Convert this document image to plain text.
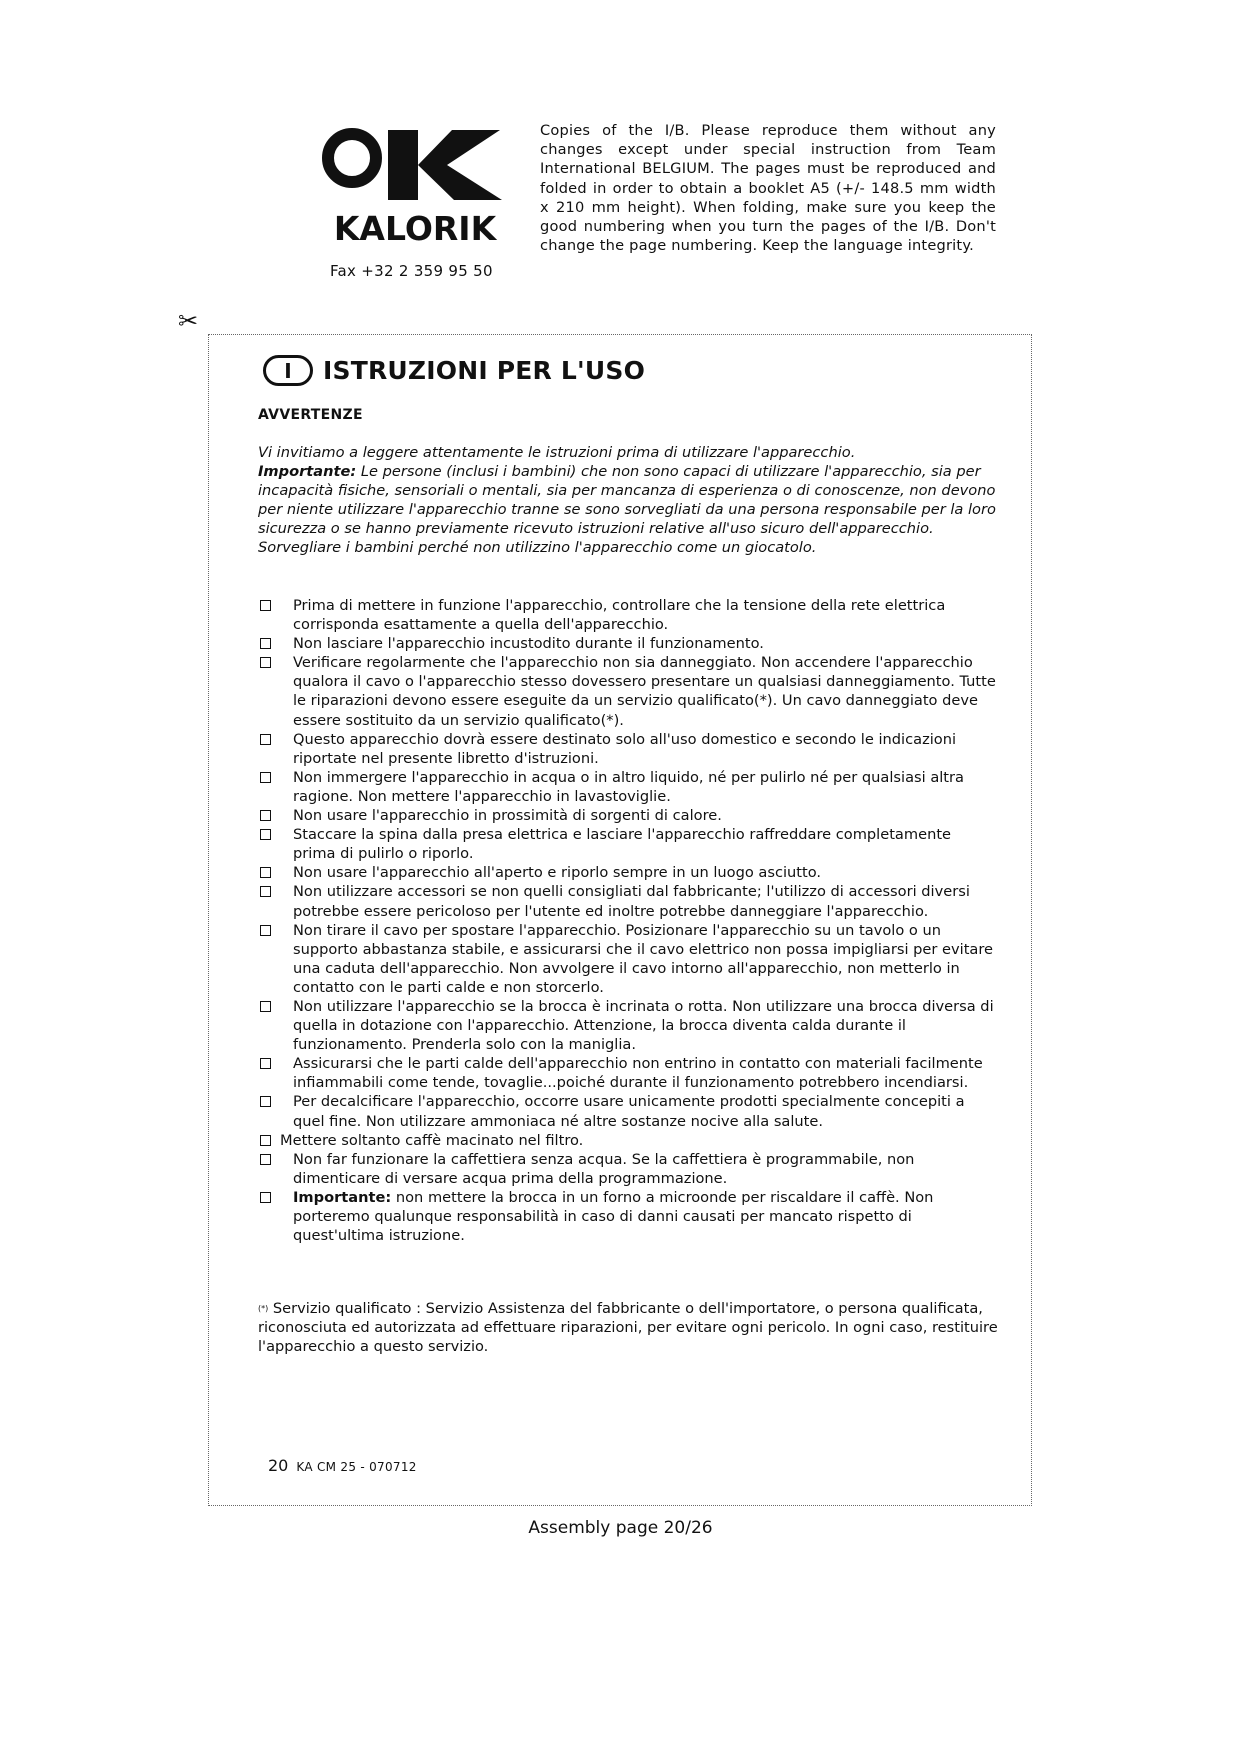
KALORIK
Fax +32 2 359 95 50
Copies of the I/B. Please reproduce them without any changes except under special instruction from Team International BELGIUM. The pages must be reproduced and folded in order to obtain a booklet A5 (+/- 148.5 mm width x 210 mm height). When folding, make sure you keep the good numbering when you turn the pages of the I/B. Don't change the page numbering. Keep the language integrity.
✂
I	ISTRUZIONI PER L'USO
AVVERTENZE

Vi invitiamo a leggere attentamente le istruzioni prima di utilizzare l'apparecchio.

Importante: Le persone (inclusi i bambini) che non sono capaci di utilizzare l'apparecchio, sia per incapacità fisiche, sensoriali o mentali, sia per mancanza di esperienza o di conoscenze, non devono per niente utilizzare l'apparecchio tranne se sono sorvegliati da una persona responsabile per la loro sicurezza o se hanno previamente ricevuto istruzioni relative all'uso sicuro dell'apparecchio.

Sorvegliare i bambini perché non utilizzino l'apparecchio come un giocatolo.

Prima di mettere in funzione l'apparecchio, controllare che la tensione della rete elettrica corrisponda esattamente a quella dell'apparecchio.
Non lasciare l'apparecchio incustodito durante il funzionamento.
Verificare regolarmente che l'apparecchio non sia danneggiato. Non accendere l'apparecchio qualora il cavo o l'apparecchio stesso dovessero presentare un qualsiasi danneggiamento. Tutte le riparazioni devono essere eseguite da un servizio qualificato(*). Un cavo danneggiato deve essere sostituito da un servizio qualificato(*).
Questo apparecchio dovrà essere destinato solo all'uso domestico e secondo le indicazioni riportate nel presente libretto d'istruzioni.
Non immergere l'apparecchio in acqua o in altro liquido, né per pulirlo né per qualsiasi altra ragione. Non mettere l'apparecchio in lavastoviglie.
Non usare l'apparecchio in prossimità di sorgenti di calore.
Staccare la spina dalla presa elettrica e lasciare l'apparecchio raffreddare completamente prima di pulirlo o riporlo.
Non usare l'apparecchio all'aperto e riporlo sempre in un luogo asciutto.
Non utilizzare accessori se non quelli consigliati dal fabbricante; l'utilizzo di accessori diversi potrebbe essere pericoloso per l'utente ed inoltre potrebbe danneggiare l'apparecchio.
Non tirare il cavo per spostare l'apparecchio. Posizionare l'apparecchio su un tavolo o un supporto abbastanza stabile, e assicurarsi che il cavo elettrico non possa impigliarsi per evitare una caduta dell'apparecchio. Non avvolgere il cavo intorno all'apparecchio, non metterlo in contatto con le parti calde e non storcerlo.
Non utilizzare l'apparecchio se la brocca è incrinata o rotta. Non utilizzare una brocca diversa di quella in dotazione con l'apparecchio. Attenzione, la brocca diventa calda durante il funzionamento. Prenderla solo con la maniglia.
Assicurarsi che le parti calde dell'apparecchio non entrino in contatto con materiali facilmente infiammabili come tende, tovaglie...poiché durante il funzionamento potrebbero incendiarsi.
Per decalcificare l'apparecchio, occorre usare unicamente prodotti specialmente concepiti a quel fine. Non utilizzare ammoniaca né altre sostanze nocive alla salute.
Mettere soltanto caffè macinato nel filtro.
Non far funzionare la caffettiera senza acqua. Se la caffettiera è programmabile, non dimenticare di versare acqua prima della programmazione.
Importante: non mettere la brocca in un forno a microonde per riscaldare il caffè. Non porteremo qualunque responsabilità in caso di danni causati per mancato rispetto di quest'ultima istruzione.
(*) Servizio qualificato : Servizio Assistenza del fabbricante o dell'importatore, o persona qualificata, riconosciuta ed autorizzata ad effettuare riparazioni, per evitare ogni pericolo. In ogni caso, restituire l'apparecchio a questo servizio.
20 KA CM 25 - 070712
Assembly page 20/26
